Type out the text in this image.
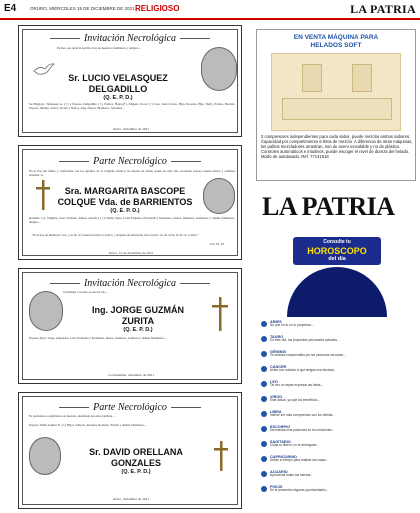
E4	ORURO, MIÉRCOLES 15 DE DICIEMBRE DE 2021 RELIGIOSO	LA PATRIA
Invitación Necrológica
Padres, sus dada la partida, hoy en nuestros familiares y amigos...
Sr. LUCIO VELASQUEZ
DELGADILLO
(Q. E. P. D.)
Su Hija(o)s, Velásquez A. (†) y Esposa, Delgadillo (†), Padres, Huyre(+), Miguel, Tovar (†) Jose, Juan Carlos, Hijo, Rosario, Hija, Nelly, Padres, Beatriz, Esposa, Jhonny, Javier, Vivian y Nancy, Ang, Nietos, Bisnietos, Sobrinos...
Oruro, diciembre de 2021
Parte Necrológico
En la Paz del Señor y confortada con los auxilios de la religión católica, ha dejado de existir quien en vida fue, excelente esposa, buena madre y cariñosa abuelita, la
Sra. MARGARITA BASCOPE
COLQUE Vda. de BARRIENTOS
(Q. E. P. D.)
Rolando (†), Virginia, José, Orlando, Mirna, Adolfo (†) y Delia; hijos, Lidia Eugenia, Elizabeth y hermanos; nietos, bisnietos, hermanos y demás familiares, amigos...
"Yo sé que mi Redentor vive, y al fin se levantará sobre el polvo; y después de deshecha esta mi piel, en mi carne he de ver a Dios."
Job 19, 25
Oruro, 15 de diciembre de 2021
Invitación Necrológica
Tu tiempo a tu lado se nos ha ido...
Ing. JORGE GUZMÁN
ZURITA
(Q. E. P. D.)
Esposa, hijos: Jorge, Alejandro, Luis Fernando y hermanos, nietos, bisnietos, sobrinos y demás familiares...
Cochabamba, diciembre de 2021
Parte Necrológico
Es profundo recogimiento en nuestro, plasmada en estas palabras...
Esposa: Otilia Gómez N. (†); Hijos: Alberto, Roxana, Rolando, Edwin y demás familiares...
Sr. DAVID ORELLANA
GONZALES
(Q. E. P. D.)
Oruro, diciembre de 2021
EN VENTA MÁQUINA PARA
HELADOS SOFT
2 compresores independientes para cada sabor, puede mezclar ambos sabores. Capacidad por compartimiento 6 litros de mezcla. A diferencia de otras máquinas, los palitos mezcladores arrastran, son de acero inoxidable y no de plástico. Controles automáticos e intuitivos, puede escoger el nivel de dureza del helado. Modo de autolavado. Ref. 77141518
LA PATRIA
Consulte tu
HOROSCOPO
del día
ARIES
No que en tu un tu proyectos...
TAURO
En este día, tus propósitos personales actuales...
GÉMINIS
Te sentirás comprendido por las personas cercanas...
CÁNCER
Antes con cuidado a que tengas una decisión...
LEO
Tal vez no sepas expresar las ideas...
VIRGO
Este actual, ya que los beneficios...
LIBRA
Intente ser más comprensivo con los demás...
ESCORPIO
Demuestra más paciencia en tus relaciones...
SAGITARIO
Cuida tu dinero, no te arriesgues...
CAPRICORNIO
Divide tu tiempo para realizar las cosas...
ACUARIO
Aprovecha todas tus fuerzas...
PISCIS
Se te presentan algunas oportunidades...
